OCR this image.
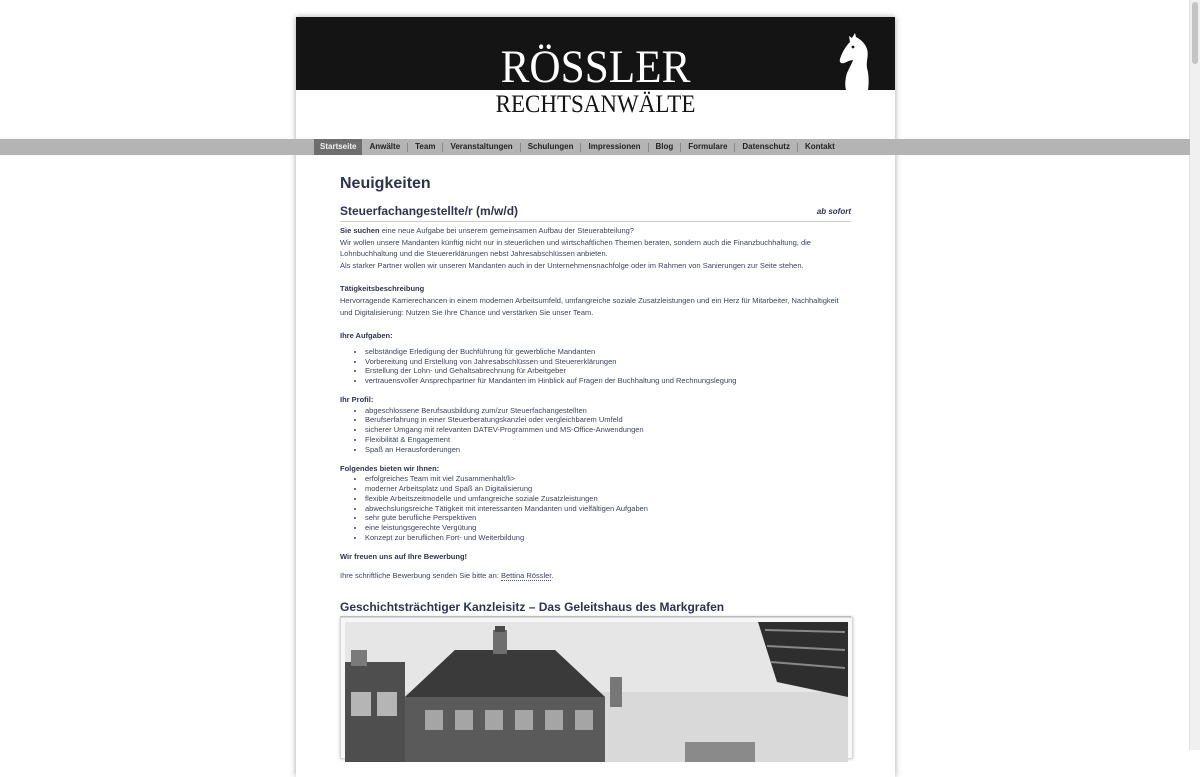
RÖSSLER
RECHTSANWÄLTE
Startseite	Anwälte	Team	Veranstaltungen	Schulungen	Impressionen	Blog	Formulare	Datenschutz	Kontakt
Neuigkeiten
Steuerfachangestellte/r (m/w/d)	ab sofort

Sie suchen eine neue Aufgabe bei unserem gemeinsamen Aufbau der Steuerabteilung?

Wir wollen unsere Mandanten künftig nicht nur in steuerlichen und wirtschaftlichen Themen beraten, sondern auch die Finanzbuchhaltung, die Lohnbuchhaltung und die Steuererklärungen nebst Jahresabschlüssen anbieten.

Als starker Partner wollen wir unseren Mandanten auch in der Unternehmensnachfolge oder im Rahmen von Sanierungen zur Seite stehen.

Tätigkeitsbeschreibung

Hervorragende Karrierechancen in einem modernen Arbeitsumfeld, umfangreiche soziale Zusatzleistungen und ein Herz für Mitarbeiter, Nachhaltigkeit und Digitalisierung: Nutzen Sie Ihre Chance und verstärken Sie unser Team.

Ihre Aufgaben:

• selbständige Erledigung der Buchführung für gewerbliche Mandanten
• Vorbereitung und Erstellung von Jahresabschlüssen und Steuererklärungen
• Erstellung der Lohn- und Gehaltsabrechnung für Arbeitgeber
• vertrauensvoller Ansprechpartner für Mandanten im Hinblick auf Fragen der Buchhaltung und Rechnungslegung

Ihr Profil:

• abgeschlossene Berufsausbildung zum/zur Steuerfachangestellten
• Berufserfahrung in einer Steuerberatungskanzlei oder vergleichbarem Umfeld
• sicherer Umgang mit relevanten DATEV-Programmen und MS-Office-Anwendungen
• Flexibilität & Engagement
• Spaß an Herausforderungen

Folgendes bieten wir Ihnen:

• erfolgreiches Team mit viel Zusammenhalt/li>
• moderner Arbeitsplatz und Spaß an Digitalisierung
• flexible Arbeitszeitmodelle und umfangreiche soziale Zusatzleistungen
• abwechslungsreiche Tätigkeit mit interessanten Mandanten und vielfältigen Aufgaben
• sehr gute berufliche Perspektiven
• eine leistungsgerechte Vergütung
• Konzept zur beruflichen Fort- und Weiterbildung

Wir freuen uns auf Ihre Bewerbung!

Ihre schriftliche Bewerbung senden Sie bitte an: Bettina Rössler.

Geschichtsträchtiger Kanzleisitz – Das Geleitshaus des Markgrafen
